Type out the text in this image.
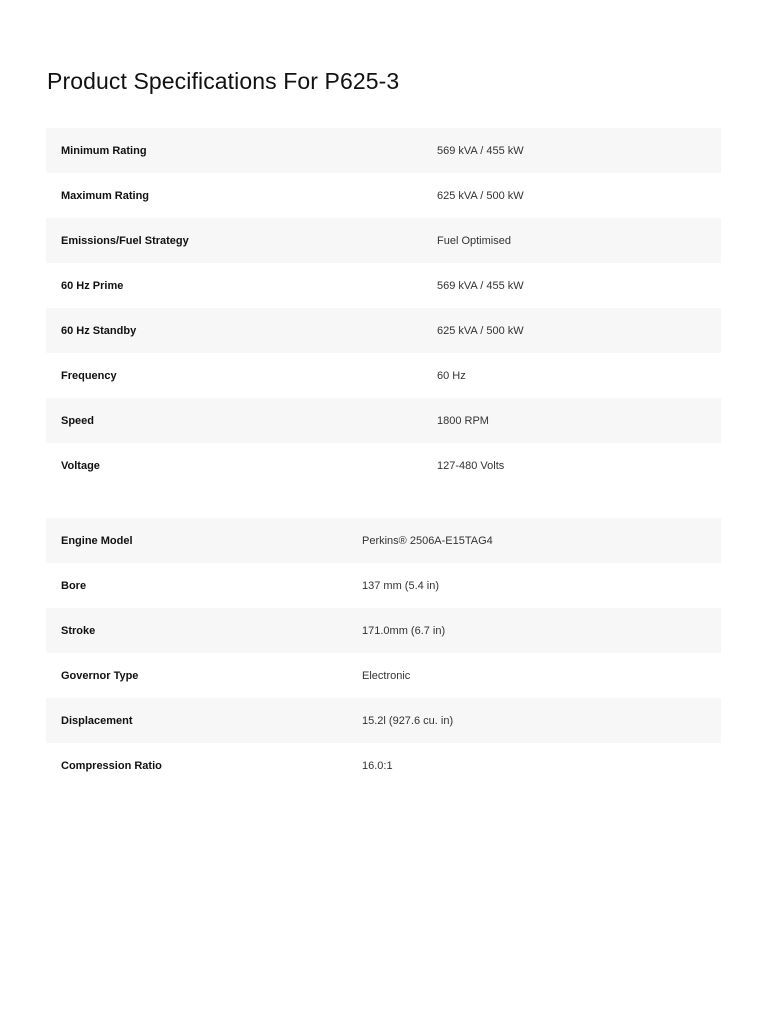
Product Specifications For P625-3
Minimum Rating	569 kVA / 455 kW
Maximum Rating	625 kVA / 500 kW
Emissions/Fuel Strategy	Fuel Optimised
60 Hz Prime	569 kVA / 455 kW
60 Hz Standby	625 kVA / 500 kW
Frequency	60 Hz
Speed	1800 RPM
Voltage	127-480 Volts
Engine Model	Perkins® 2506A-E15TAG4
Bore	137 mm (5.4 in)
Stroke	171.0mm (6.7 in)
Governor Type	Electronic
Displacement	15.2l (927.6 cu. in)
Compression Ratio	16.0:1
